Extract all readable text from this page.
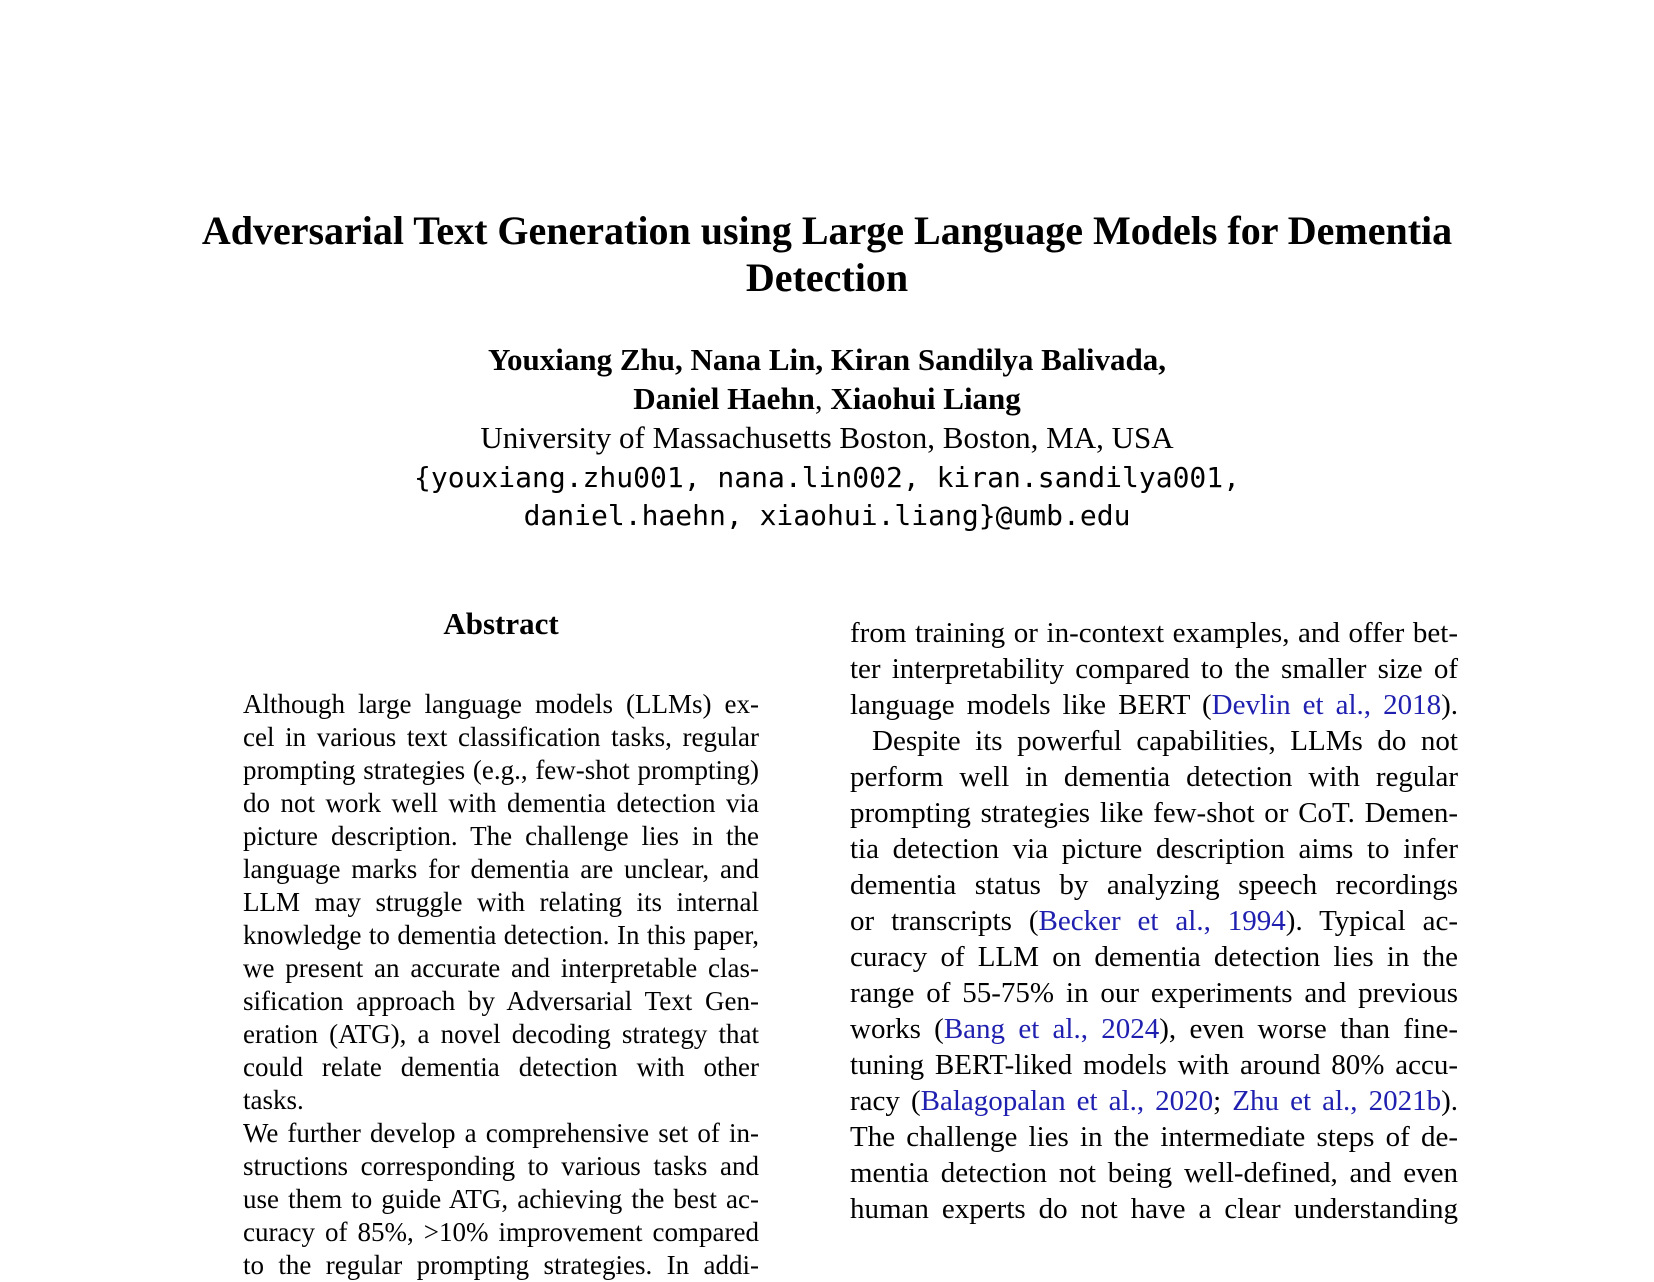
Adversarial Text Generation using Large Language Models for Dementia
Detection
Youxiang Zhu, Nana Lin, Kiran Sandilya Balivada,
Daniel Haehn, Xiaohui Liang
University of Massachusetts Boston, Boston, MA, USA
{youxiang.zhu001, nana.lin002, kiran.sandilya001,
daniel.haehn, xiaohui.liang}@umb.edu
Abstract
Although large language models (LLMs) ex-
cel in various text classification tasks, regular
prompting strategies (e.g., few-shot prompting)
do not work well with dementia detection via
picture description. The challenge lies in the
language marks for dementia are unclear, and
LLM may struggle with relating its internal
knowledge to dementia detection. In this paper,
we present an accurate and interpretable clas-
sification approach by Adversarial Text Gen-
eration (ATG), a novel decoding strategy that
could relate dementia detection with other tasks.
We further develop a comprehensive set of in-
structions corresponding to various tasks and
use them to guide ATG, achieving the best ac-
curacy of 85%, >10% improvement compared
to the regular prompting strategies. In addi-
from training or in-context examples, and offer bet-
ter interpretability compared to the smaller size of
language models like BERT (Devlin et al., 2018).
Despite its powerful capabilities, LLMs do not
perform well in dementia detection with regular
prompting strategies like few-shot or CoT. Demen-
tia detection via picture description aims to infer
dementia status by analyzing speech recordings
or transcripts (Becker et al., 1994). Typical ac-
curacy of LLM on dementia detection lies in the
range of 55-75% in our experiments and previous
works (Bang et al., 2024), even worse than fine-
tuning BERT-liked models with around 80% accu-
racy (Balagopalan et al., 2020; Zhu et al., 2021b).
The challenge lies in the intermediate steps of de-
mentia detection not being well-defined, and even
human experts do not have a clear understanding
